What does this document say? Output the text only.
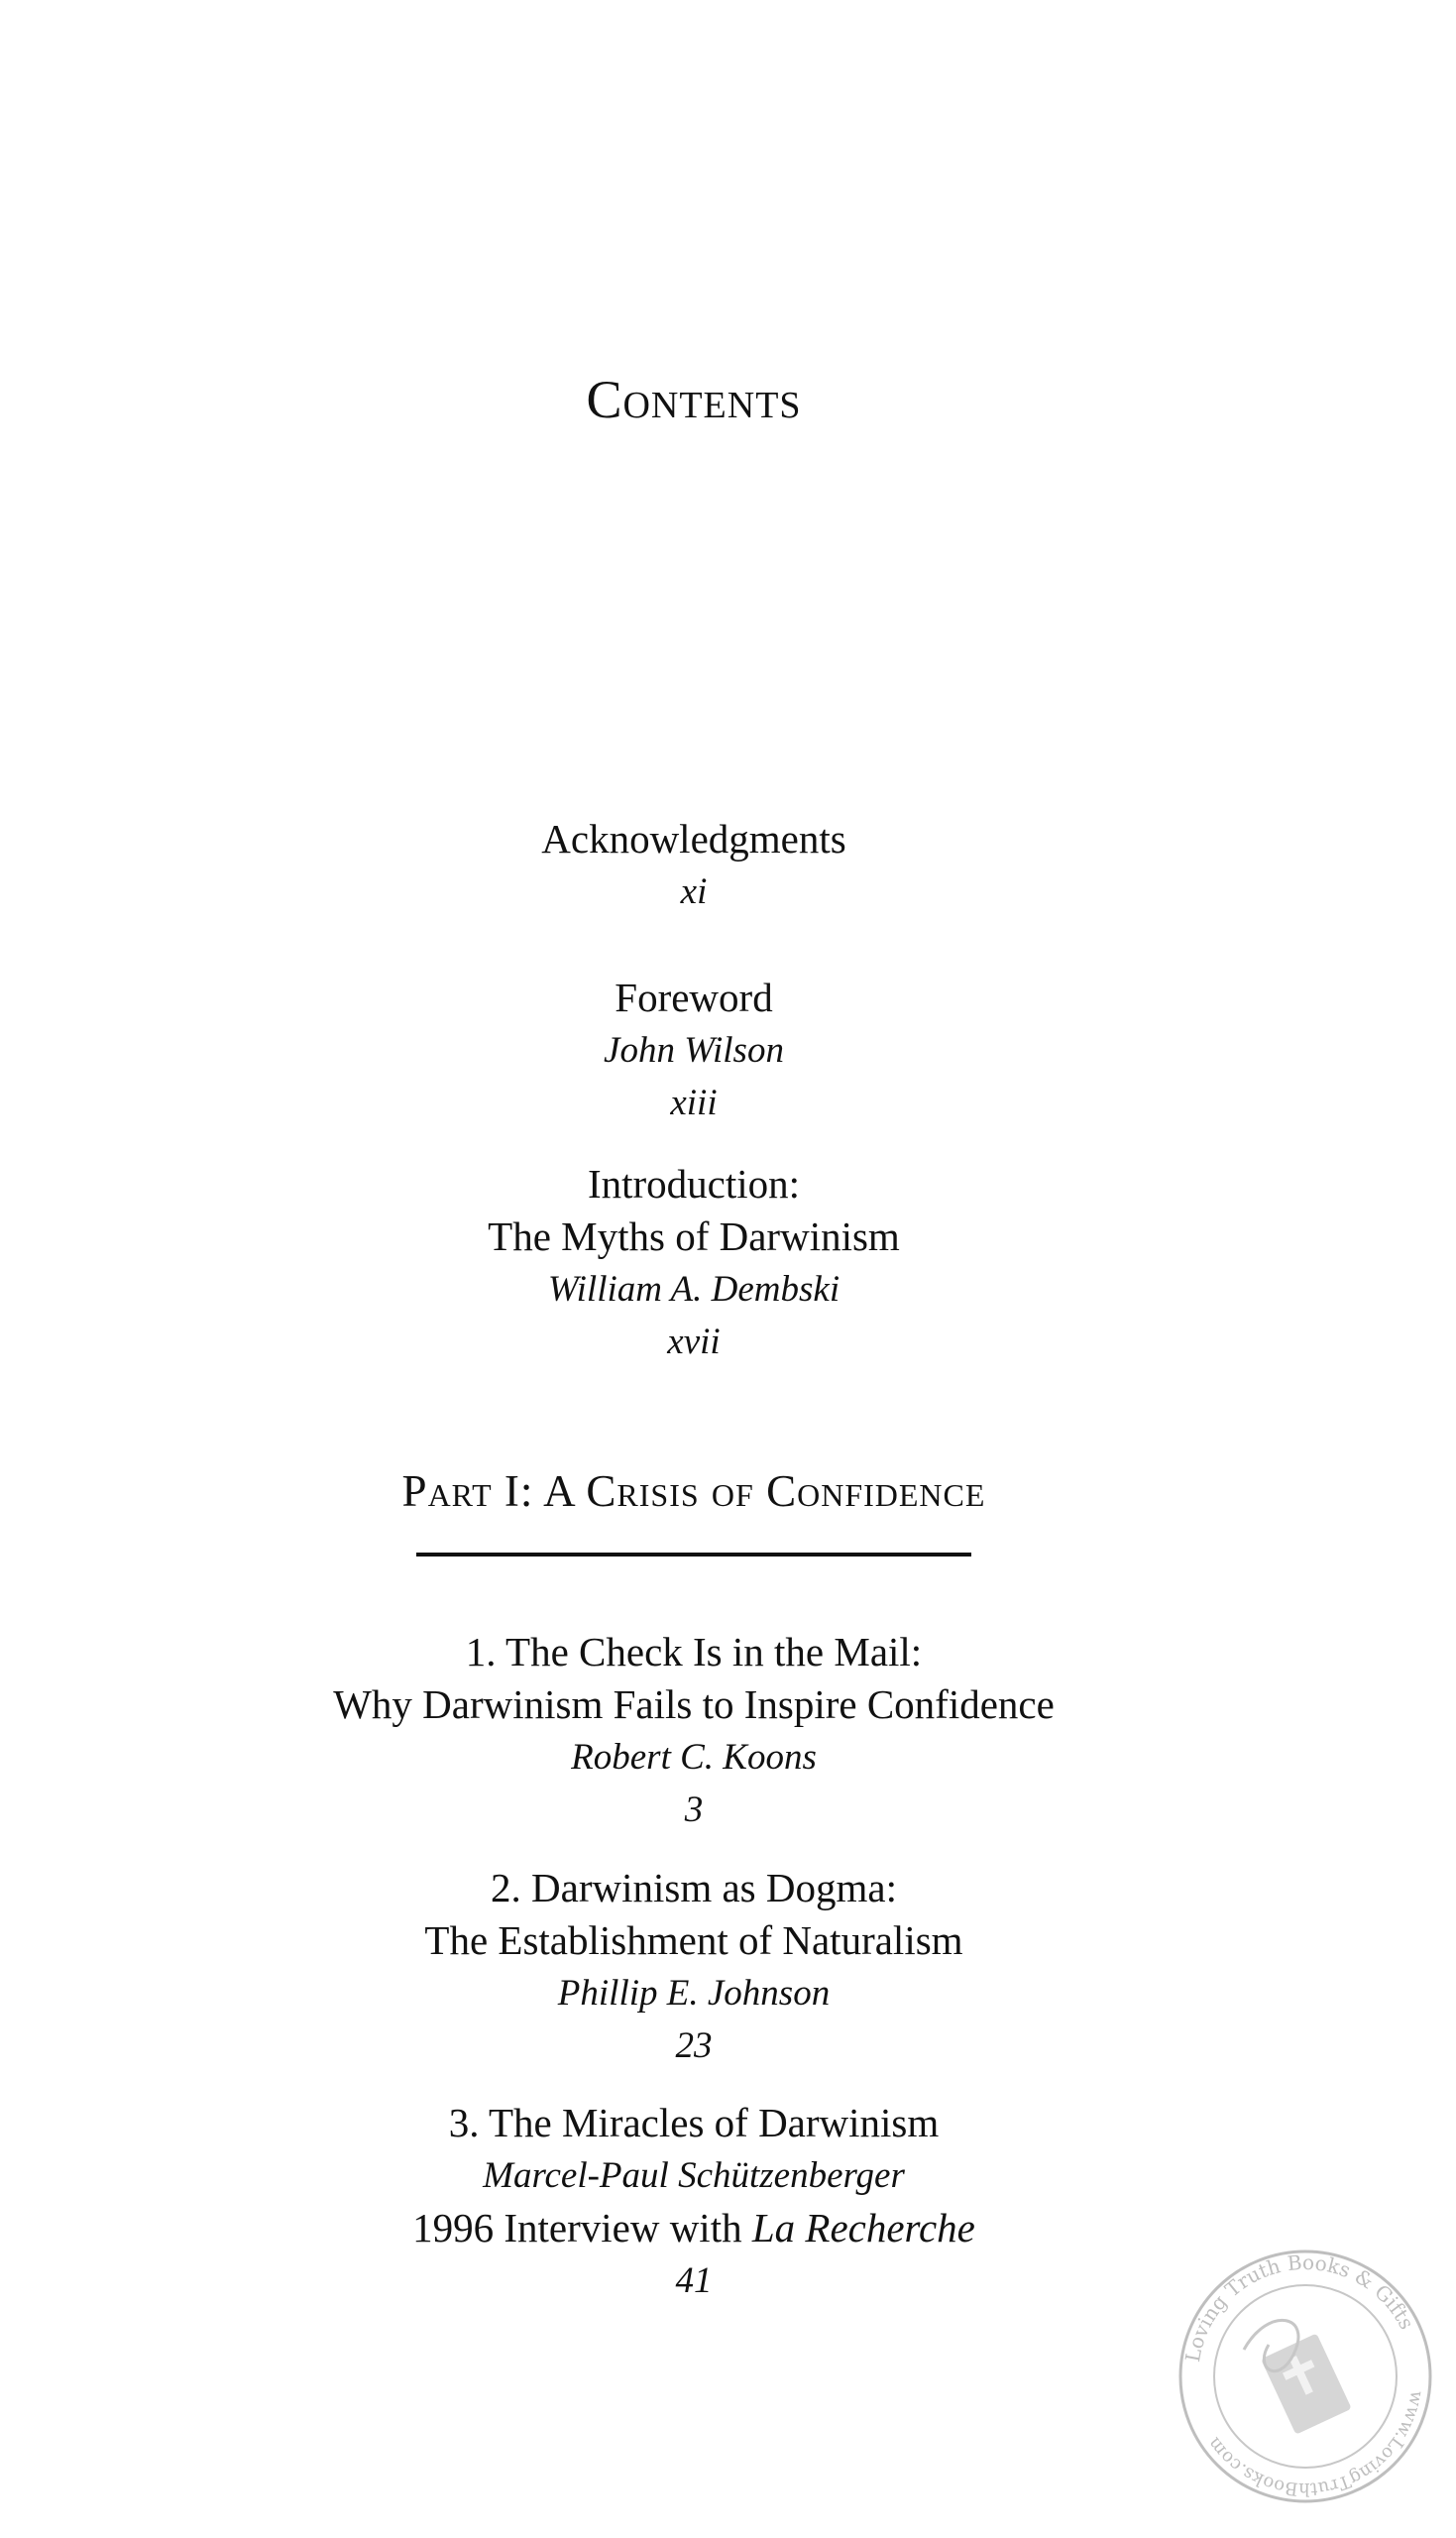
Contents
Acknowledgments
xi
Foreword
John Wilson
xiii
Introduction:
The Myths of Darwinism
William A. Dembski
xvii
Part I: A Crisis of Confidence
1. The Check Is in the Mail:
Why Darwinism Fails to Inspire Confidence
Robert C. Koons
3
2. Darwinism as Dogma:
The Establishment of Naturalism
Phillip E. Johnson
23
3. The Miracles of Darwinism
Marcel-Paul Schützenberger
1996 Interview with La Recherche
41
Loving Truth Books & Gifts
www.LovingTruthBooks.com
